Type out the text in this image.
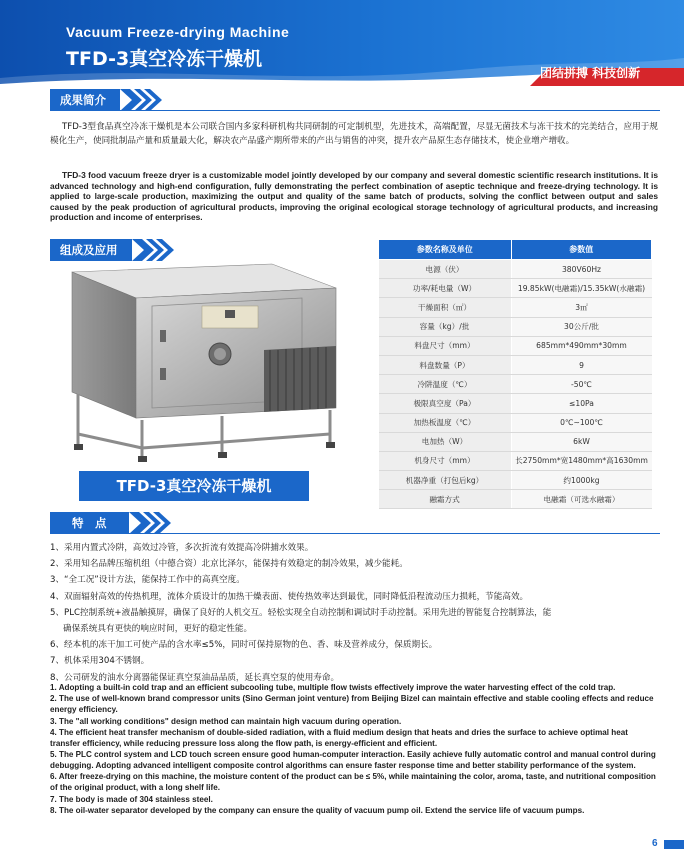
Vacuum Freeze-drying Machine
TFD-3真空冷冻干燥机
团结拼搏 科技创新
成果简介
TFD-3型食品真空冷冻干燥机是本公司联合国内多家科研机构共同研制的可定制机型，先进技术，高端配置，尽显无菌技术与冻干技术的完美结合，应用于规模化生产，使同批制品产量和质量最大化，解决农产品盛产期所带来的产出与销售的冲突，提升农产品原生态存储技术，使企业增产增收。
TFD-3 food vacuum freeze dryer is a customizable model jointly developed by our company and several domestic scientific research institutions. It is advanced technology and high-end configuration, fully demonstrating the perfect combination of aseptic technique and freeze-drying technology. It is applied to large-scale production, maximizing the output and quality of the same batch of products, solving the conflict between output and sales caused by the peak production of agricultural products, improving the original ecological storage technology of agricultural products, and increasing production and income of enterprises.
组成及应用
TFD-3真空冷冻干燥机
参数名称及单位	参数值
电源（伏）	380V60Hz
功率/耗电量（W）	19.85kW(电融霜)/15.35kW(水融霜)
干燥面积（㎡）	3㎡
容量（kg）/批	30公斤/批
料盘尺寸（mm）	685mm*490mm*30mm
料盘数量（P）	9
冷阱温度（℃）	-50℃
极限真空度（Pa）	≤10Pa
加热板温度（℃）	0℃~100℃
电加热（W）	6kW
机身尺寸（mm）	长2750mm*宽1480mm*高1630mm
机器净重（打包后kg）	约1000kg
融霜方式	电融霜（可选水融霜）
特　点
1、采用内置式冷阱，高效过冷管，多次折流有效提高冷阱捕水效果。
2、采用知名品牌压缩机组（中德合资）北京比泽尔，能保持有效稳定的制冷效果，减少能耗。
3、“全工况”设计方法，能保持工作中的高真空度。
4、双面辐射高效的传热机理，流体介质设计的加热干燥表面、使传热效率达到最优，同时降低沿程流动压力损耗，节能高效。
5、PLC控制系统+液晶触摸屏，确保了良好的人机交互。轻松实现全自动控制和调试时手动控制。采用先进的智能复合控制算法，能
确保系统具有更快的响应时间，更好的稳定性能。
6、经本机的冻干加工可使产品的含水率≤5%，同时可保持原物的色、香、味及营养成分，保质期长。
7、机体采用304不锈钢。
8、公司研发的油水分离器能保证真空泵油品品质，延长真空泵的使用寿命。
1. Adopting a built-in cold trap and an efficient subcooling tube, multiple flow twists effectively improve the water harvesting effect of the cold trap.
2. The use of well-known brand compressor units (Sino German joint venture) from Beijing Bizel can maintain effective and stable cooling effects and reduce energy efficiency.
3. The "all working conditions" design method can maintain high vacuum during operation.
4. The efficient heat transfer mechanism of double-sided radiation, with a fluid medium design that heats and dries the surface to achieve optimal heat transfer efficiency, while reducing pressure loss along the flow path, is energy-efficient and efficient.
5. The PLC control system and LCD touch screen ensure good human-computer interaction. Easily achieve fully automatic control and manual control during debugging. Adopting advanced intelligent composite control algorithms can ensure faster response time and better stability performance of the system.
6. After freeze-drying on this machine, the moisture content of the product can be ≤ 5%, while maintaining the color, aroma, taste, and nutritional composition of the original product, with a long shelf life.
7. The body is made of 304 stainless steel.
8. The oil-water separator developed by the company can ensure the quality of vacuum pump oil. Extend the service life of vacuum pumps.
6
